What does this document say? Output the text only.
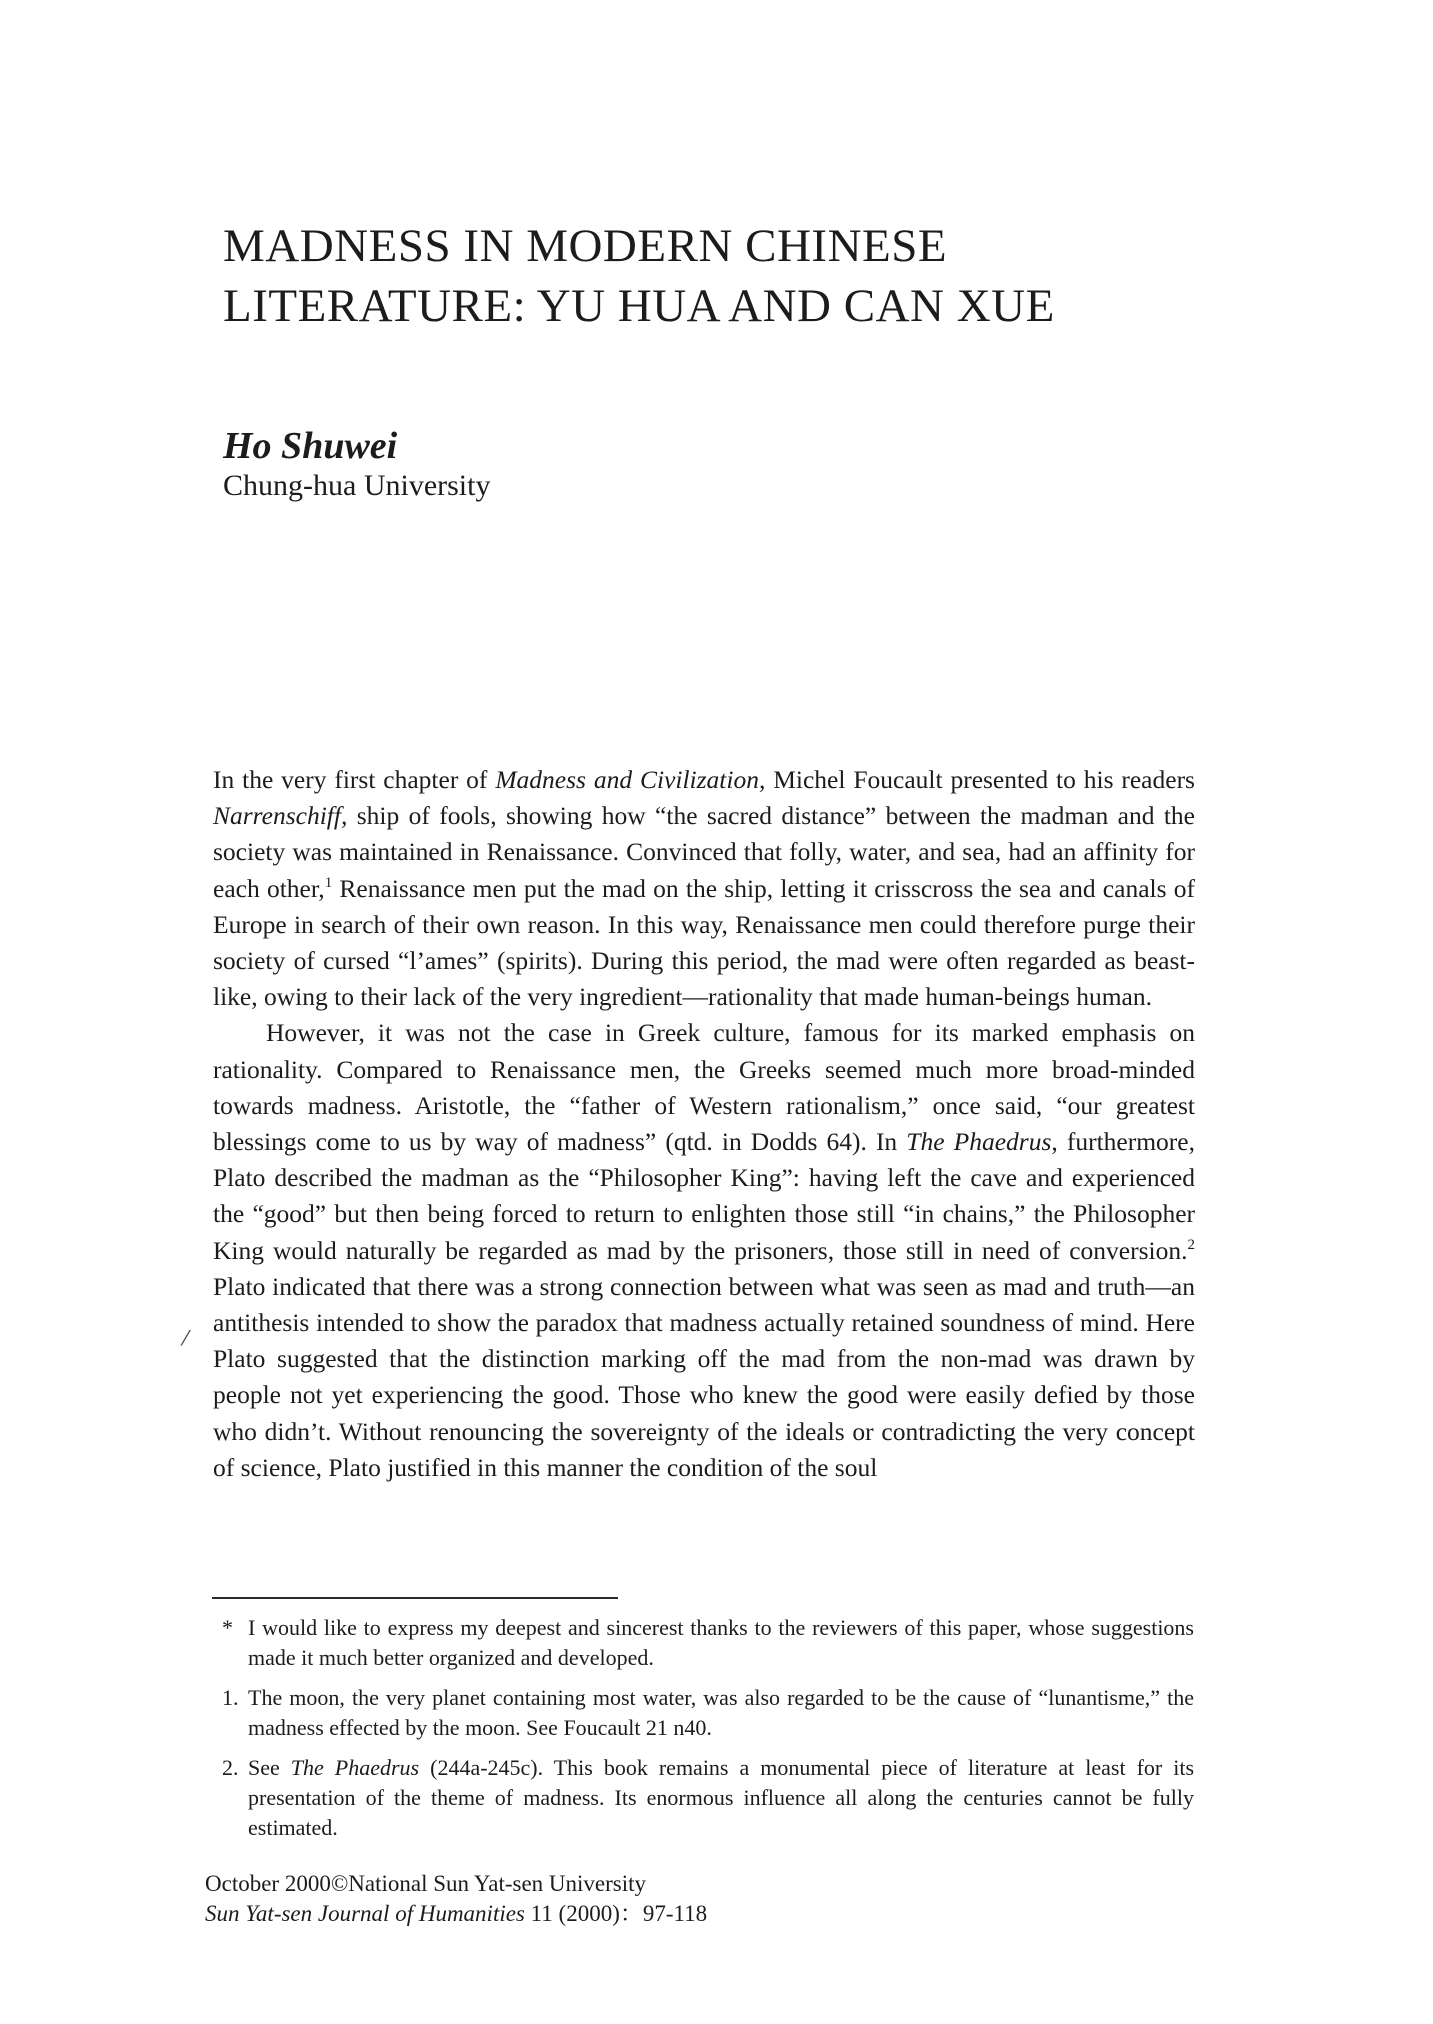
MADNESS IN MODERN CHINESE
LITERATURE: YU HUA AND CAN XUE

Ho Shuwei

Chung-hua University

In the very first chapter of Madness and Civilization, Michel Foucault presented to his readers Narrenschiff, ship of fools, showing how “the sacred distance” between the madman and the society was maintained in Renaissance. Convinced that folly, water, and sea, had an affinity for each other,$^1$ Renaissance men put the mad on the ship, letting it crisscross the sea and canals of Europe in search of their own reason. In this way, Renaissance men could therefore purge their society of cursed “l’ames” (spirits). During this period, the mad were often regarded as beast-like, owing to their lack of the very ingredient—rationality that made human-beings human.

However, it was not the case in Greek culture, famous for its marked emphasis on rationality. Compared to Renaissance men, the Greeks seemed much more broad-minded towards madness. Aristotle, the “father of Western rationalism,” once said, “our greatest blessings come to us by way of madness” (qtd. in Dodds 64). In The Phaedrus, furthermore, Plato described the madman as the “Philosopher King”: having left the cave and experienced the “good” but then being forced to return to enlighten those still “in chains,” the Philosopher King would naturally be regarded as mad by the prisoners, those still in need of conversion.$^2$ Plato indicated that there was a strong connection between what was seen as mad and truth—an antithesis intended to show the paradox that madness actually retained soundness of mind. Here Plato suggested that the distinction marking off the mad from the non-mad was drawn by people not yet experiencing the good. Those who knew the good were easily defied by those who didn’t. Without renouncing the sovereignty of the ideals or contradicting the very concept of science, Plato justified in this manner the condition of the soul

⁄

* I would like to express my deepest and sincerest thanks to the reviewers of this paper, whose suggestions made it much better organized and developed.

1. The moon, the very planet containing most water, was also regarded to be the cause of “lunantisme,” the madness effected by the moon. See Foucault 21 n40.

2. See The Phaedrus (244a-245c). This book remains a monumental piece of literature at least for its presentation of the theme of madness. Its enormous influence all along the centuries cannot be fully estimated.

October 2000©National Sun Yat-sen University
Sun Yat-sen Journal of Humanities 11 (2000)：97-118
